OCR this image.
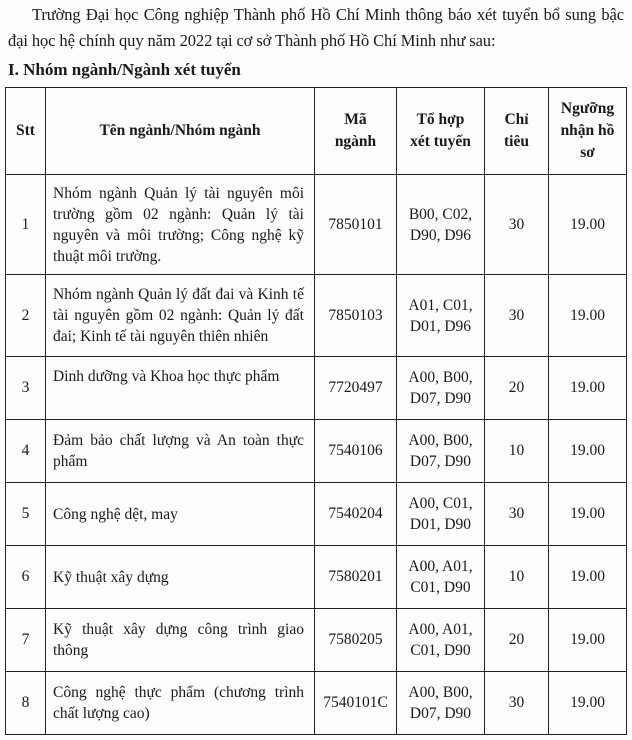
Trường Đại học Công nghiệp Thành phố Hồ Chí Minh thông báo xét tuyển bổ sung bậc đại học hệ chính quy năm 2022 tại cơ sở Thành phố Hồ Chí Minh như sau:
I. Nhóm ngành/Ngành xét tuyển
Stt	Tên ngành/Nhóm ngành	Mã ngành	Tổ hợp xét tuyển	Chỉ tiêu	Ngưỡng nhận hồ sơ
1	Nhóm ngành Quản lý tài nguyên môi trường gồm 02 ngành: Quản lý tài nguyên và môi trường; Công nghệ kỹ thuật môi trường.	7850101	B00, C02, D90, D96	30	19.00
2	Nhóm ngành Quản lý đất đai và Kinh tế tài nguyên gồm 02 ngành: Quản lý đất đai; Kinh tế tài nguyên thiên nhiên	7850103	A01, C01, D01, D96	30	19.00
3	Dinh dưỡng và Khoa học thực phẩm	7720497	A00, B00, D07, D90	20	19.00
4	Đảm bảo chất lượng và An toàn thực phẩm	7540106	A00, B00, D07, D90	10	19.00
5	Công nghệ dệt, may	7540204	A00, C01, D01, D90	30	19.00
6	Kỹ thuật xây dựng	7580201	A00, A01, C01, D90	10	19.00
7	Kỹ thuật xây dựng công trình giao thông	7580205	A00, A01, C01, D90	20	19.00
8	Công nghệ thực phẩm (chương trình chất lượng cao)	7540101C	A00, B00, D07, D90	30	19.00
